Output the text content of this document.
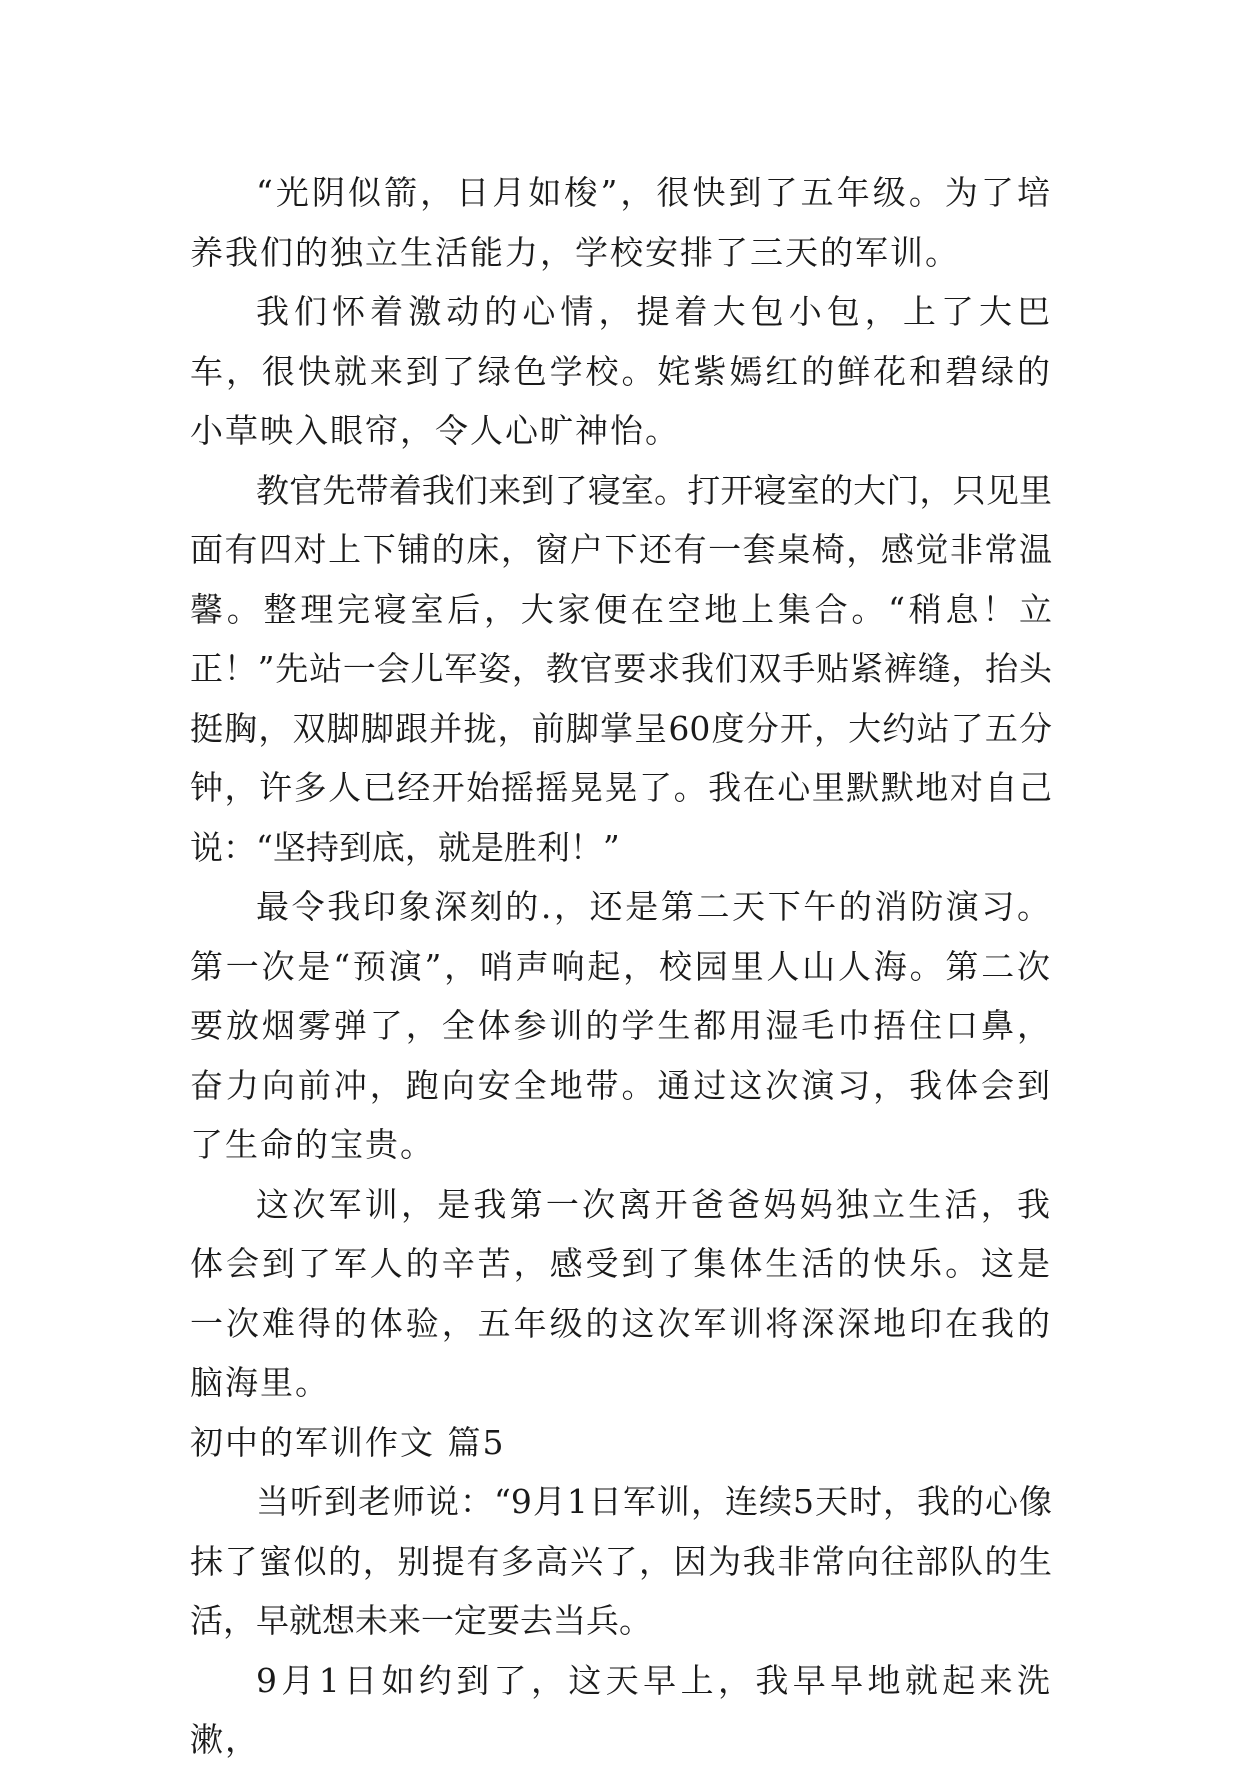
“光阴似箭，日月如梭”，很快到了五年级。为了培养我们的独立生活能力，学校安排了三天的军训。

我们怀着激动的心情，提着大包小包，上了大巴车，很快就来到了绿色学校。姹紫嫣红的鲜花和碧绿的小草映入眼帘，令人心旷神怡。

教官先带着我们来到了寝室。打开寝室的大门，只见里面有四对上下铺的床，窗户下还有一套桌椅，感觉非常温馨。整理完寝室后，大家便在空地上集合。“稍息！立正！”先站一会儿军姿，教官要求我们双手贴紧裤缝，抬头挺胸，双脚脚跟并拢，前脚掌呈60度分开，大约站了五分钟，许多人已经开始摇摇晃晃了。我在心里默默地对自己说：“坚持到底，就是胜利！”

最令我印象深刻的.，还是第二天下午的消防演习。第一次是“预演”，哨声响起，校园里人山人海。第二次要放烟雾弹了，全体参训的学生都用湿毛巾捂住口鼻，奋力向前冲，跑向安全地带。通过这次演习，我体会到了生命的宝贵。

这次军训，是我第一次离开爸爸妈妈独立生活，我体会到了军人的辛苦，感受到了集体生活的快乐。这是一次难得的体验，五年级的这次军训将深深地印在我的脑海里。

初中的军训作文 篇5

当听到老师说：“9月1日军训，连续5天时，我的心像抹了蜜似的，别提有多高兴了，因为我非常向往部队的生活，早就想未来一定要去当兵。

9月1日如约到了，这天早上，我早早地就起来洗漱，
